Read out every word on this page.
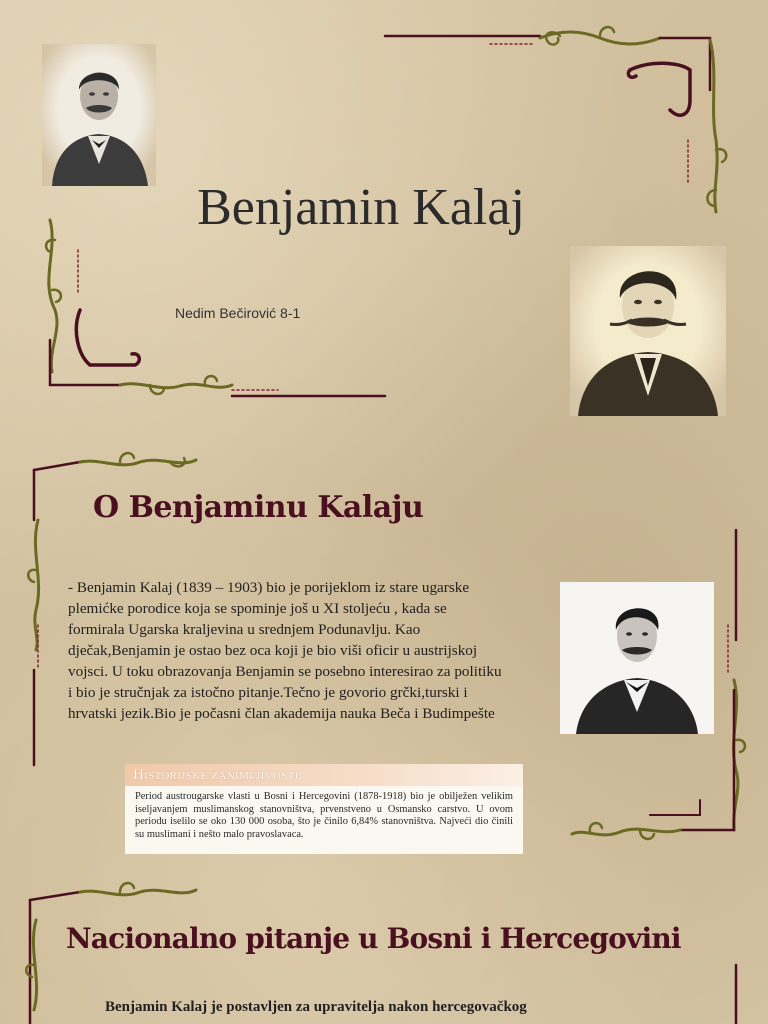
Benjamin Kalaj
Nedim Bečirović 8-1
O Benjaminu Kalaju
- Benjamin Kalaj (1839 – 1903) bio je porijeklom iz stare ugarske
plemićke porodice koja se spominje još u XI stoljeću , kada se
formirala Ugarska kraljevina u srednjem Podunavlju. Kao
dječak,Benjamin je ostao bez oca koji je bio viši oficir u austrijskoj
vojsci. U toku obrazovanja Benjamin se posebno interesirao za politiku
i bio je stručnjak za istočno pitanje.Tečno je govorio grčki,turski i
hrvatski jezik.Bio je počasni član akademija nauka Beča i Budimpešte
Historijske zanimljivosti:
Period austrougarske vlasti u Bosni i Hercegovini (1878-1918) bio je obilježen velikim iseljavanjem muslimanskog stanovništva, prvenstveno u Osmansko carstvo. U ovom periodu iselilo se oko 130 000 osoba, što je činilo 6,84% stanovništva. Najveći dio činili su muslimani i nešto malo pravoslavaca.
Nacionalno pitanje u Bosni i Hercegovini
Benjamin Kalaj je postavljen za upravitelja nakon hercegovačkog
